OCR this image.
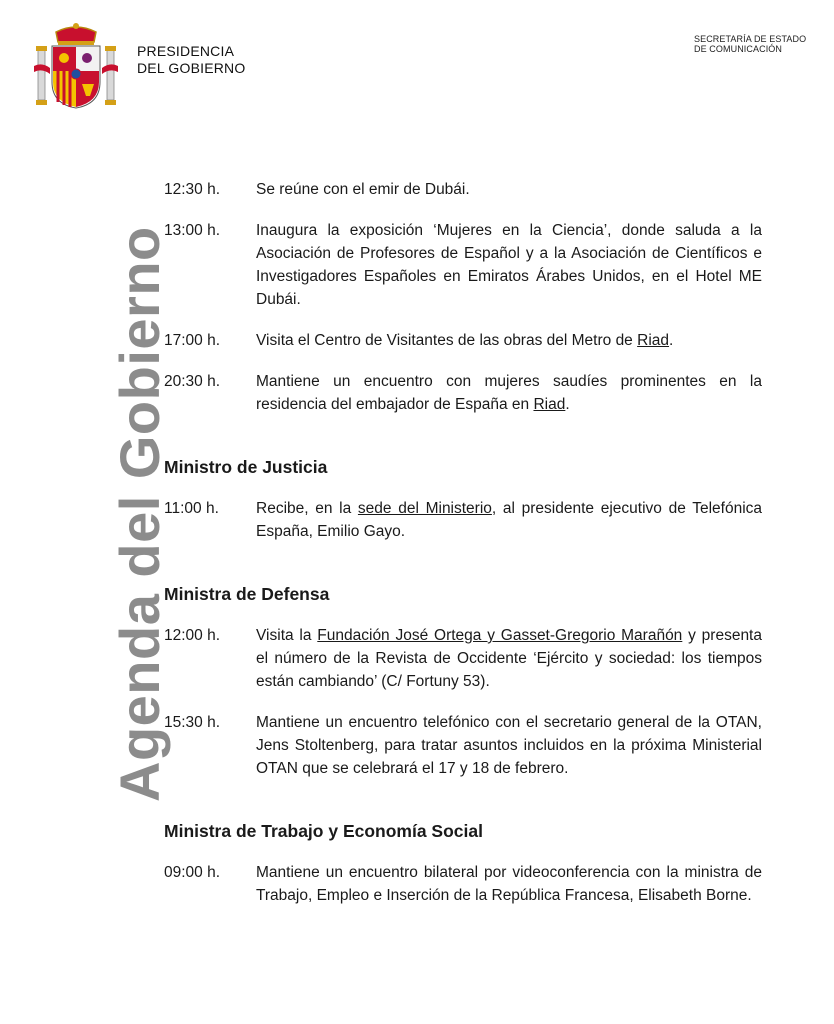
PRESIDENCIA
DEL GOBIERNO
SECRETARÍA DE ESTADO
DE COMUNICACIÓN
Agenda del Gobierno
12:30 h.	Se reúne con el emir de Dubái.
13:00 h.	Inaugura la exposición ‘Mujeres en la Ciencia’, donde saluda a la Asociación de Profesores de Español y a la Asociación de Científicos e Investigadores Españoles en Emiratos Árabes Unidos, en el Hotel ME Dubái.
17:00 h.	Visita el Centro de Visitantes de las obras del Metro de Riad.
20:30 h.	Mantiene un encuentro con mujeres saudíes prominentes en la residencia del embajador de España en Riad.
Ministro de Justicia
11:00 h.	Recibe, en la sede del Ministerio, al presidente ejecutivo de Telefónica España, Emilio Gayo.
Ministra de Defensa
12:00 h.	Visita la Fundación José Ortega y Gasset-Gregorio Marañón y presenta el número de la Revista de Occidente ‘Ejército y sociedad: los tiempos están cambiando’ (C/ Fortuny 53).
15:30 h.	Mantiene un encuentro telefónico con el secretario general de la OTAN, Jens Stoltenberg, para tratar asuntos incluidos en la próxima Ministerial OTAN que se celebrará el 17 y 18 de febrero.
Ministra de Trabajo y Economía Social
09:00 h.	Mantiene un encuentro bilateral por videoconferencia con la ministra de Trabajo, Empleo e Inserción de la República Francesa, Elisabeth Borne.
